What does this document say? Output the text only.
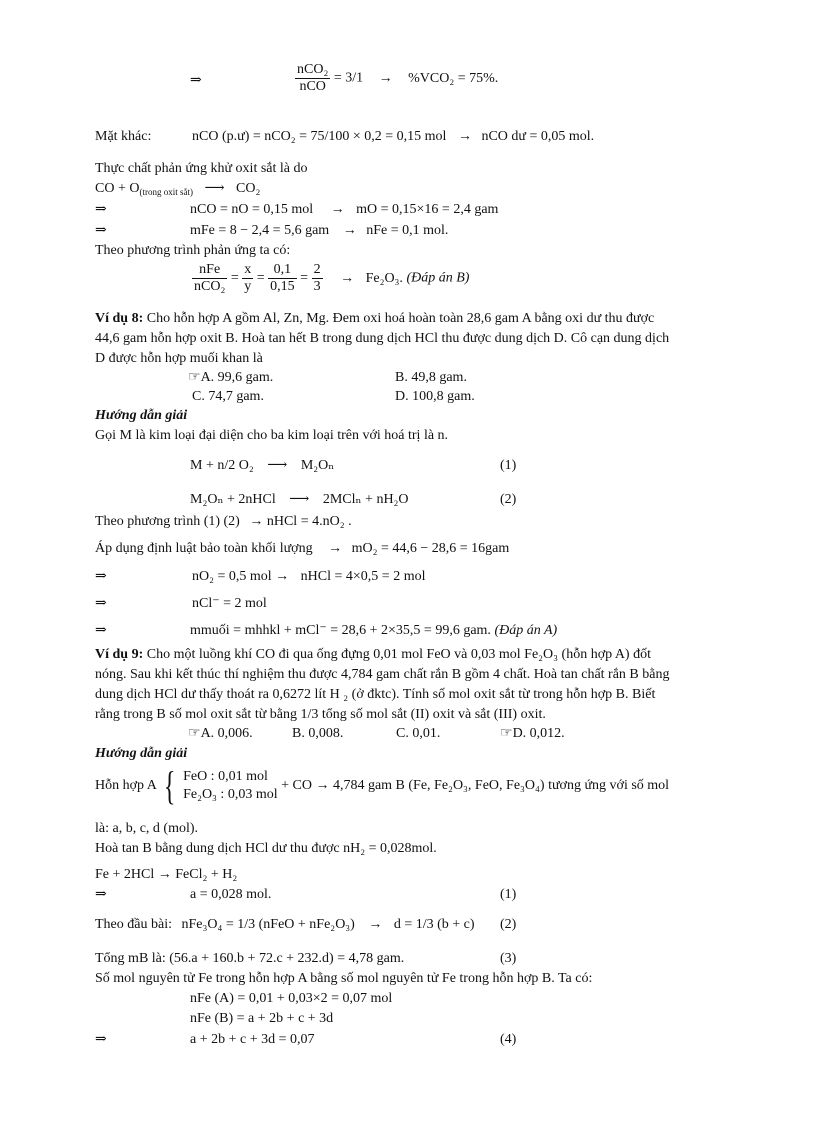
⇒	$\frac{\text{nCO₂}}{\text{nCO}} = 3/1 \to \%VCO_2 = 75\%$.
Mặt khác:	nCO (p.ư) = nCO₂ = 75/100 × 0,2 = 0,15 mol → nCO dư = 0,05 mol.
Thực chất phản ứng khử oxit sắt là do
CO + $O_{(trong oxit sắt)}$ ⟶ CO₂
⇒	nCO = nO = 0,15 mol → mO = 0,15×16 = 2,4 gam
⇒	mFe = 8 − 2,4 = 5,6 gam → nFe = 0,1 mol.
Theo phương trình phản ứng ta có:
$\frac{\text{nFe}}{\text{nCO₂}} = \frac{x}{y} = \frac{0,1}{0,15} = \frac{2}{3} \to Fe_2O_3$. (Đáp án B)
Ví dụ 8: Cho hỗn hợp A gồm Al, Zn, Mg. Đem oxi hoá hoàn toàn 28,6 gam A bằng oxi dư thu được
44,6 gam hỗn hợp oxit B. Hoà tan hết B trong dung dịch HCl thu được dung dịch D. Cô cạn dung dịch
D được hỗn hợp muối khan là
☞A. 99,6 gam.	B. 49,8 gam.
C. 74,7 gam.	D. 100,8 gam.
Hướng dẫn giải
Gọi M là kim loại đại diện cho ba kim loại trên với hoá trị là n.
M + n/2 O₂ ⟶ M₂Oₙ	(1)
M₂Oₙ + 2nHCl ⟶ 2MClₙ + nH₂O	(2)
Theo phương trình (1) (2) → nHCl = 4.nO₂ .
Áp dụng định luật bảo toàn khối lượng → mO₂ = 44,6 − 28,6 = 16gam
⇒	nO₂ = 0,5 mol → nHCl = 4×0,5 = 2 mol
⇒	nCl⁻ = 2 mol
⇒	mmuối = mhhkl + mCl⁻ = 28,6 + 2×35,5 = 99,6 gam. (Đáp án A)
Ví dụ 9: Cho một luồng khí CO đi qua ống đựng 0,01 mol FeO và 0,03 mol Fe₂O₃ (hỗn hợp A) đốt
nóng. Sau khi kết thúc thí nghiệm thu được 4,784 gam chất rắn B gồm 4 chất. Hoà tan chất rắn B bằng
dung dịch HCl dư thấy thoát ra 0,6272 lít H ₂ (ở đktc). Tính số mol oxit sắt từ trong hỗn hợp B. Biết
rằng trong B số mol oxit sắt từ bằng 1/3 tổng số mol sắt (II) oxit và sắt (III) oxit.
☞A. 0,006.	B. 0,008.	C. 0,01.	☞D. 0,012.
Hướng dẫn giải
Hỗn hợp A { FeO : 0,01 mol
Fe₂O₃ : 0,03 mol
+ CO → 4,784 gam B (Fe, Fe₂O₃, FeO, Fe₃O₄) tương ứng với số mol
là: a, b, c, d (mol).
Hoà tan B bằng dung dịch HCl dư thu được nH₂ = 0,028mol.
Fe + 2HCl → FeCl₂ + H₂
⇒	a = 0,028 mol.	(1)
Theo đầu bài: nFe₃O₄ = 1/3 (nFeO + nFe₂O₃) → d = 1/3 (b + c) (2)
Tổng mB là: (56.a + 160.b + 72.c + 232.d) = 4,78 gam.	(3)
Số mol nguyên tử Fe trong hỗn hợp A bằng số mol nguyên tử Fe trong hỗn hợp B. Ta có:
nFe (A) = 0,01 + 0,03×2 = 0,07 mol
nFe (B) = a + 2b + c + 3d
⇒	a + 2b + c + 3d = 0,07	(4)
